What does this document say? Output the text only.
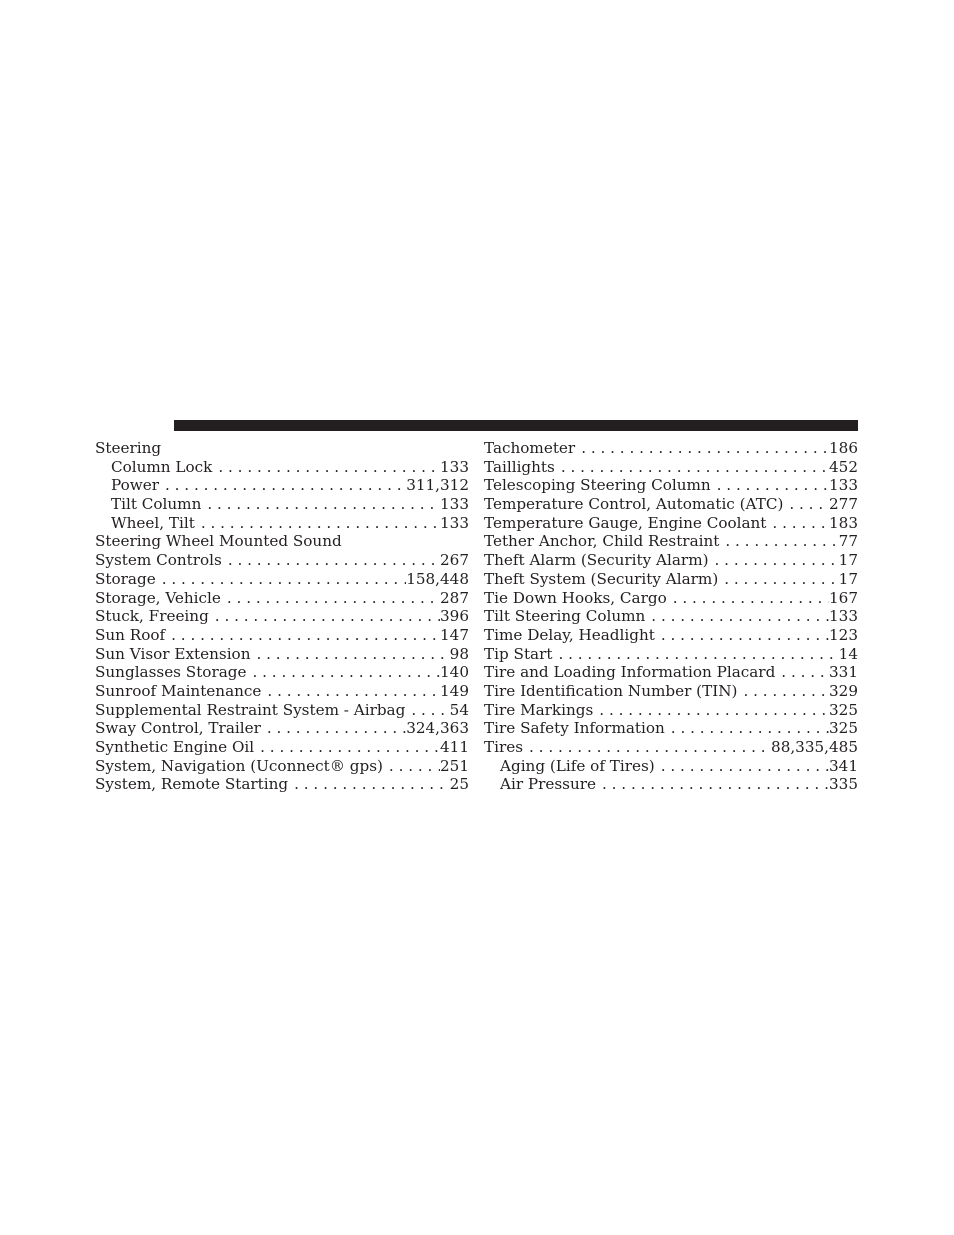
Steering
Column Lock . . .	133
Power . . .	311,312
Tilt Column . . .	133
Wheel, Tilt . . .	133
Steering Wheel Mounted Sound
System Controls . . .	267
Storage . . .	158,448
Storage, Vehicle . . .	287
Stuck, Freeing . . .	396
Sun Roof . . .	147
Sun Visor Extension . . .	98
Sunglasses Storage . . .	140
Sunroof Maintenance . . .	149
Supplemental Restraint System - Airbag . . .	54
Sway Control, Trailer . . .	324,363
Synthetic Engine Oil . . .	411
System, Navigation (Uconnect® gps) . . .	251
System, Remote Starting . . .	25
Tachometer . . .	186
Taillights . . .	452
Telescoping Steering Column . . .	133
Temperature Control, Automatic (ATC) . . .	277
Temperature Gauge, Engine Coolant . . .	183
Tether Anchor, Child Restraint . . .	77
Theft Alarm (Security Alarm) . . .	17
Theft System (Security Alarm) . . .	17
Tie Down Hooks, Cargo . . .	167
Tilt Steering Column . . .	133
Time Delay, Headlight . . .	123
Tip Start . . .	14
Tire and Loading Information Placard . . .	331
Tire Identification Number (TIN) . . .	329
Tire Markings . . .	325
Tire Safety Information . . .	325
Tires . . .	88,335,485
Aging (Life of Tires) . . .	341
Air Pressure . . .	335
